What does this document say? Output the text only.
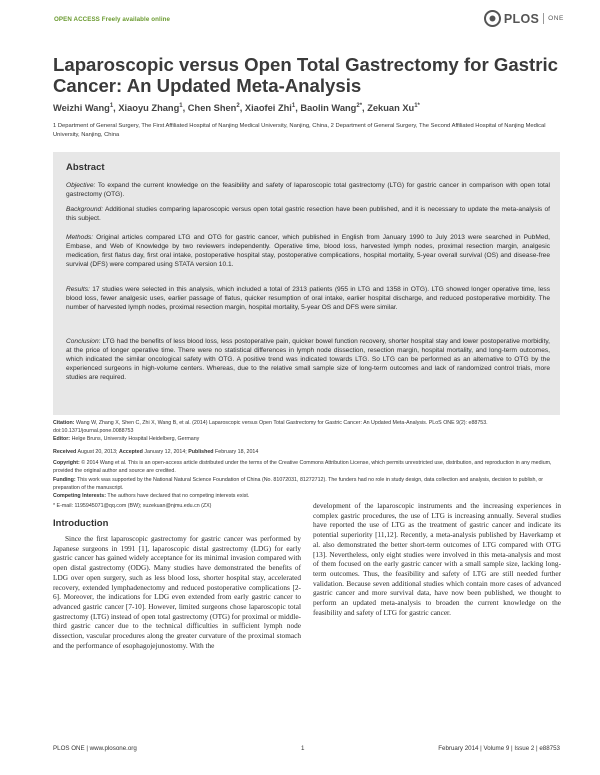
OPEN ACCESS Freely available online	PLOS ONE
Laparoscopic versus Open Total Gastrectomy for Gastric Cancer: An Updated Meta-Analysis
Weizhi Wang$^1$, Xiaoyu Zhang$^1$, Chen Shen$^2$, Xiaofei Zhi$^1$, Baolin Wang$^{2*}$, Zekuan $Xu^{1*}$
1 Department of General Surgery, The First Affiliated Hospital of Nanjing Medical University, Nanjing, China, 2 Department of General Surgery, The Second Affiliated Hospital of Nanjing Medical University, Nanjing, China
Abstract

Objective: To expand the current knowledge on the feasibility and safety of laparoscopic total gastrectomy (LTG) for gastric cancer in comparison with open total gastrectomy (OTG).

Background: Additional studies comparing laparoscopic versus open total gastric resection have been published, and it is necessary to update the meta-analysis of this subject.

Methods: Original articles compared LTG and OTG for gastric cancer, which published in English from January 1990 to July 2013 were searched in PubMed, Embase, and Web of Knowledge by two reviewers independently. Operative time, blood loss, harvested lymph nodes, proximal resection margin, analgesic medication, first flatus day, first oral intake, postoperative hospital stay, postoperative complications, hospital mortality, 5-year overall survival (OS) and disease-free survival (DFS) were compared using STATA version 10.1.

Results: 17 studies were selected in this analysis, which included a total of 2313 patients (955 in LTG and 1358 in OTG). LTG showed longer operative time, less blood loss, fewer analgesic uses, earlier passage of flatus, quicker resumption of oral intake, earlier hospital discharge, and reduced postoperative morbidity. The number of harvested lymph nodes, proximal resection margin, hospital mortality, 5-year OS and DFS were similar.

Conclusion: LTG had the benefits of less blood loss, less postoperative pain, quicker bowel function recovery, shorter hospital stay and lower postoperative morbidity, at the price of longer operative time. There were no statistical differences in lymph node dissection, resection margin, hospital mortality, and long-term outcomes, which indicated the similar oncological safety with OTG. A positive trend was indicated towards LTG. So LTG can be performed as an alternative to OTG by the experienced surgeons in high-volume centers. Whereas, due to the relative small sample size of long-term outcomes and lack of randomized control trials, more studies are required.

Citation: Wang W, Zhang X, Shen C, Zhi X, Wang B, et al. (2014) Laparoscopic versus Open Total Gastrectomy for Gastric Cancer: An Updated Meta-Analysis. PLoS ONE 9(2): e88753. doi:10.1371/journal.pone.0088753
Editor: Helge Bruns, University Hospital Heidelberg, Germany
Received August 20, 2013; Accepted January 12, 2014; Published February 18, 2014
Copyright: © 2014 Wang et al. This is an open-access article distributed under the terms of the Creative Commons Attribution License, which permits unrestricted use, distribution, and reproduction in any medium, provided the original author and source are credited.
Funding: This work was supported by the National Natural Science Foundation of China (No. 81072031, 81272712). The funders had no role in study design, data collection and analysis, decision to publish, or preparation of the manuscript.
Competing Interests: The authors have declared that no competing interests exist.
* E-mail: 1195945071@qq.com (BW); xuzekuan@njmu.edu.cn (ZX)
Introduction

Since the first laparoscopic gastrectomy for gastric cancer was performed by Japanese surgeons in 1991 [1], laparoscopic distal gastrectomy (LDG) for early gastric cancer has gained widely acceptance for its minimal invasion compared with open distal gastrectomy (ODG). Many studies have demonstrated the benefits of LDG over open surgery, such as less blood loss, shorter hospital stay, accelerated recovery, extended lymphadenectomy and reduced postoperative complications [2-6]. Moreover, the indications for LDG even extended from early gastric cancer to advanced gastric cancer [7-10]. However, limited surgeons chose laparoscopic total gastrectomy (LTG) instead of open total gastrectomy (OTG) for proximal or middle-third gastric cancer due to the technical difficulties in sufficient lymph node dissection, vascular procedures along the greater curvature of the proximal stomach and the performance of esophagojejunostomy. With the

development of the laparoscopic instruments and the increasing experiences in complex gastric procedures, the use of LTG is increasing annually. Several studies have reported the use of LTG as the treatment of gastric cancer and indicate its potential superiority [11,12]. Recently, a meta-analysis published by Haverkamp et al. also demonstrated the better short-term outcomes of LTG compared with OTG [13]. Nevertheless, only eight studies were involved in this meta-analysis and most of them focused on the early gastric cancer with a small sample size, lacking long-term outcomes. Thus, the feasibility and safety of LTG are still needed further validation. Because seven additional studies which contain more cases of advanced gastric cancer and more survival data, have now been published, we thought to perform an updated meta-analysis to broaden the current knowledge on the feasibility and safety of LTG for gastric cancer.

PLOS ONE | www.plosone.org	1	February 2014 | Volume 9 | Issue 2 | e88753
